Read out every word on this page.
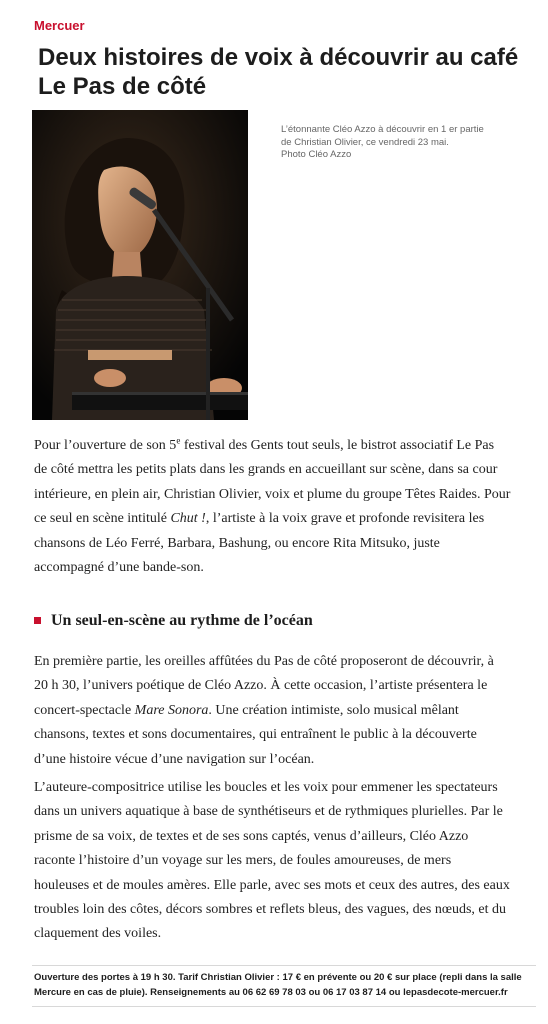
Mercuer
Deux histoires de voix à découvrir au café
Le Pas de côté
L’étonnante Cléo Azzo à découvrir en 1 er partie
de Christian Olivier, ce vendredi 23 mai.
Photo Cléo Azzo
Pour l’ouverture de son 5e festival des Gents tout seuls, le bistrot associatif Le Pas
de côté mettra les petits plats dans les grands en accueillant sur scène, dans sa cour
intérieure, en plein air, Christian Olivier, voix et plume du groupe Têtes Raides. Pour
ce seul en scène intitulé Chut !, l’artiste à la voix grave et profonde revisitera les
chansons de Léo Ferré, Barbara, Bashung, ou encore Rita Mitsuko, juste
accompagné d’une bande-son.
Un seul-en-scène au rythme de l’océan
En première partie, les oreilles affûtées du Pas de côté proposeront de découvrir, à
20 h 30, l’univers poétique de Cléo Azzo. À cette occasion, l’artiste présentera le
concert-spectacle Mare Sonora. Une création intimiste, solo musical mêlant
chansons, textes et sons documentaires, qui entraînent le public à la découverte
d’une histoire vécue d’une navigation sur l’océan.
L’auteure-compositrice utilise les boucles et les voix pour emmener les spectateurs
dans un univers aquatique à base de synthétiseurs et de rythmiques plurielles. Par le
prisme de sa voix, de textes et de ses sons captés, venus d’ailleurs, Cléo Azzo
raconte l’histoire d’un voyage sur les mers, de foules amoureuses, de mers
houleuses et de moules amères. Elle parle, avec ses mots et ceux des autres, des eaux
troubles loin des côtes, décors sombres et reflets bleus, des vagues, des nœuds, et du
claquement des voiles.
Ouverture des portes à 19 h 30. Tarif Christian Olivier : 17 € en prévente ou 20 € sur place (repli dans la salle
Mercure en cas de pluie). Renseignements au 06 62 69 78 03 ou 06 17 03 87 14 ou lepasdecote-mercuer.fr
